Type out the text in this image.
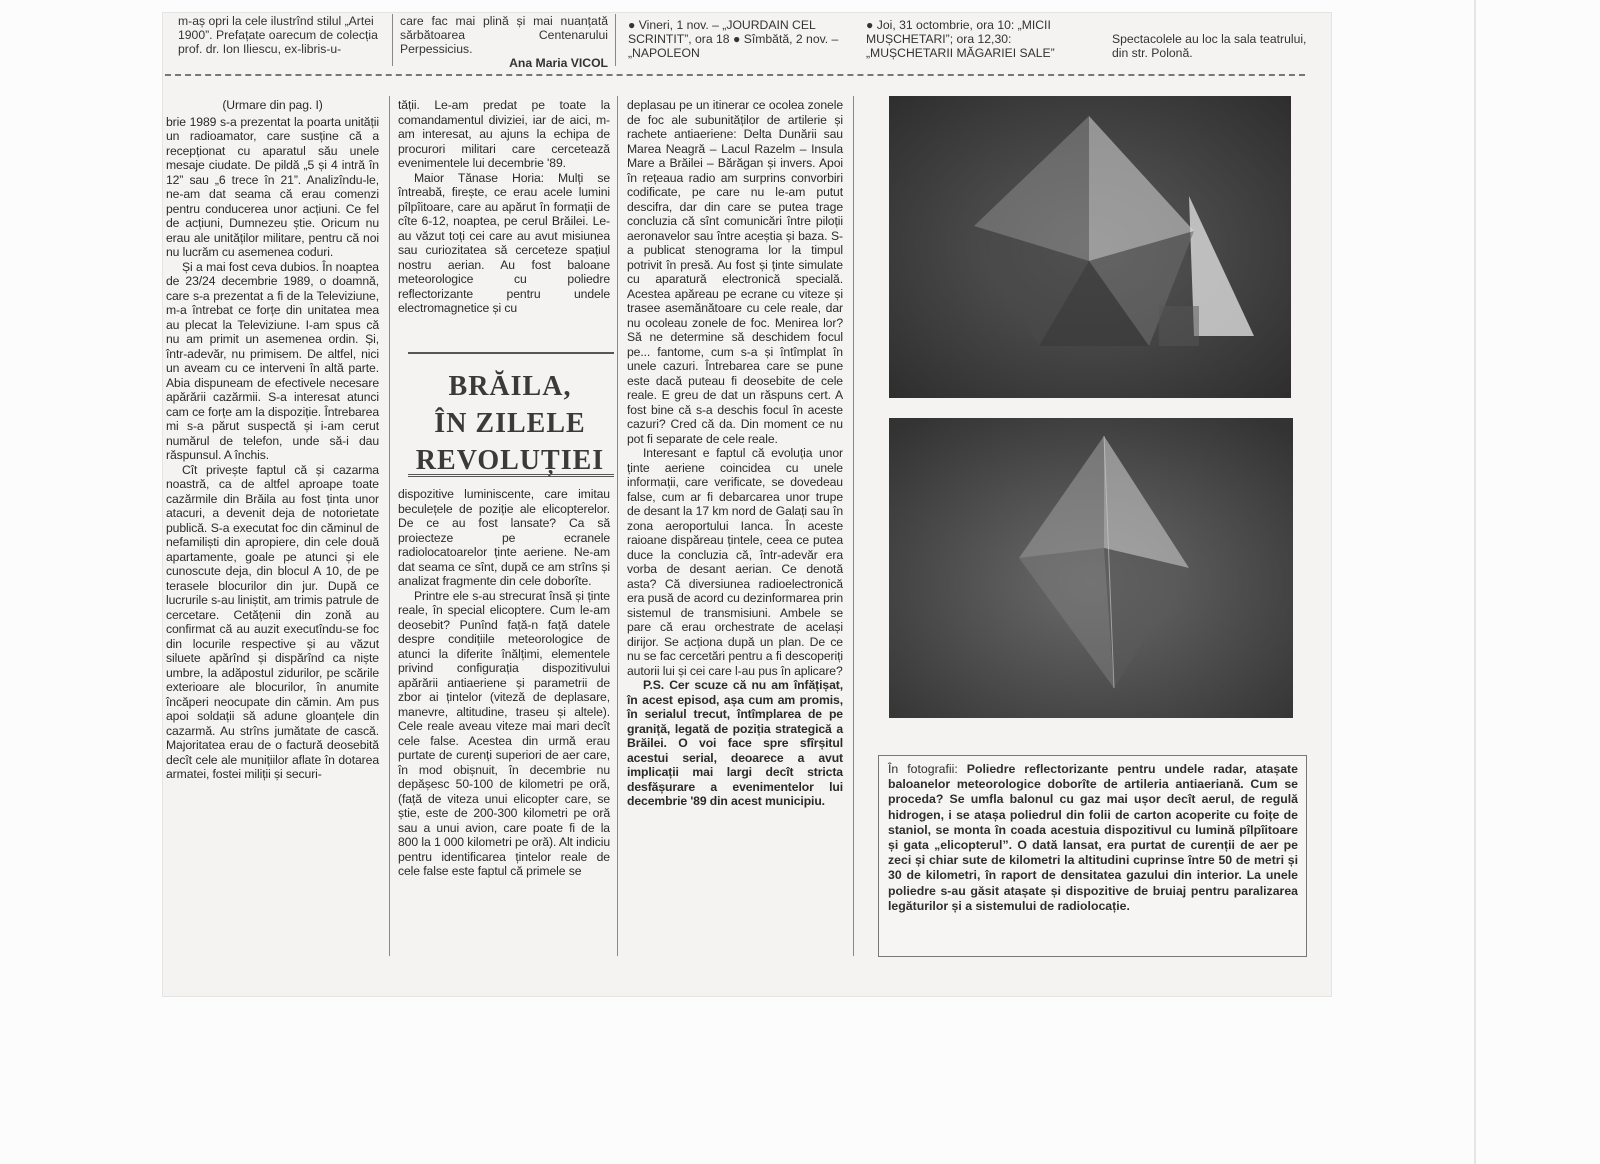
m-aș opri la cele ilustrînd stilul „Artei 1900”. Prefațate oarecum de colecția prof. dr. Ion Iliescu, ex-libris-u-
care fac mai plină și mai nuanțată sărbătoarea Centenarului Perpessicius.
Ana Maria VICOL
● Vineri, 1 nov. – „JOURDAIN CEL SCRINTIT”, ora 18 ● Sîmbătă, 2 nov. – „NAPOLEON
● Joi, 31 octombrie, ora 10: „MICII MUȘCHETARI”; ora 12,30: „MUȘCHETARII MĂGARIEI SALE”
Spectacolele au loc la sala teatrului, din str. Polonă.

(Urmare din pag. I)

brie 1989 s-a prezentat la poarta unității un radioamator, care susține că a recepționat cu aparatul său unele mesaje ciudate. De pildă „5 și 4 intră în 12” sau „6 trece în 21”. Analizîndu-le, ne-am dat seama că erau comenzi pentru conducerea unor acțiuni. Ce fel de acțiuni, Dumnezeu știe. Oricum nu erau ale unităților militare, pentru că noi nu lucrăm cu asemenea coduri.

Și a mai fost ceva dubios. În noaptea de 23/24 decembrie 1989, o doamnă, care s-a prezentat a fi de la Televiziune, m-a întrebat ce forțe din unitatea mea au plecat la Televiziune. I-am spus că nu am primit un asemenea ordin. Și, într-adevăr, nu primisem. De altfel, nici un aveam cu ce interveni în altă parte. Abia dispuneam de efectivele necesare apărării cazărmii. S-a interesat atunci cam ce forțe am la dispoziție. Întrebarea mi s-a părut suspectă și i-am cerut numărul de telefon, unde să-i dau răspunsul. A închis.

Cît privește faptul că și cazarma noastră, ca de altfel aproape toate cazărmile din Brăila au fost ținta unor atacuri, a devenit deja de notorietate publică. S-a executat foc din căminul de nefamiliști din apropiere, din cele două apartamente, goale pe atunci și ele cunoscute deja, din blocul A 10, de pe terasele blocurilor din jur. După ce lucrurile s-au liniștit, am trimis patrule de cercetare. Cetățenii din zonă au confirmat că au auzit executîndu-se foc din locurile respective și au văzut siluete apărînd și dispărînd ca niște umbre, la adăpostul zidurilor, pe scările exterioare ale blocurilor, în anumite încăperi neocupate din cămin. Am pus apoi soldații să adune gloanțele din cazarmă. Au strîns jumătate de cască. Majoritatea erau de o factură deosebită decît cele ale munițiilor aflate în dotarea armatei, fostei miliții și securi-

tății. Le-am predat pe toate la comandamentul diviziei, iar de aici, m-am interesat, au ajuns la echipa de procurori militari care cercetează evenimentele lui decembrie '89.

Maior Tănase Horia: Mulți se întreabă, firește, ce erau acele lumini pîlpîitoare, care au apărut în formații de cîte 6-12, noaptea, pe cerul Brăilei. Le-au văzut toți cei care au avut misiunea sau curiozitatea să cerceteze spațiul nostru aerian. Au fost baloane meteorologice cu poliedre reflectorizante pentru undele electromagnetice și cu

BRĂILA,
ÎN ZILELE
REVOLUȚIEI

dispozitive luminiscente, care imitau beculețele de poziție ale elicopterelor. De ce au fost lansate? Ca să proiecteze pe ecranele radiolocatoarelor ținte aeriene. Ne-am dat seama ce sînt, după ce am strîns și analizat fragmente din cele doborîte.

Printre ele s-au strecurat însă și ținte reale, în special elicoptere. Cum le-am deosebit? Punînd față-n față datele despre condițiile meteorologice de atunci la diferite înălțimi, elementele privind configurația dispozitivului apărării antiaeriene și parametrii de zbor ai țintelor (viteză de deplasare, manevre, altitudine, traseu și altele). Cele reale aveau viteze mai mari decît cele false. Acestea din urmă erau purtate de curenți superiori de aer care, în mod obișnuit, în decembrie nu depășesc 50-100 de kilometri pe oră, (față de viteza unui elicopter care, se știe, este de 200-300 kilometri pe oră sau a unui avion, care poate fi de la 800 la 1 000 kilometri pe oră). Alt indiciu pentru identificarea țintelor reale de cele false este faptul că primele se

deplasau pe un itinerar ce ocolea zonele de foc ale subunităților de artilerie și rachete antiaeriene: Delta Dunării sau Marea Neagră – Lacul Razelm – Insula Mare a Brăilei – Bărăgan și invers. Apoi în rețeaua radio am surprins convorbiri codificate, pe care nu le-am putut descifra, dar din care se putea trage concluzia că sînt comunicări între piloții aeronavelor sau între aceștia și baza. S-a publicat stenograma lor la timpul potrivit în presă. Au fost și ținte simulate cu aparatură electronică specială. Acestea apăreau pe ecrane cu viteze și trasee asemănătoare cu cele reale, dar nu ocoleau zonele de foc. Menirea lor? Să ne determine să deschidem focul pe... fantome, cum s-a și întîmplat în unele cazuri. Întrebarea care se pune este dacă puteau fi deosebite de cele reale. E greu de dat un răspuns cert. A fost bine că s-a deschis focul în aceste cazuri? Cred că da. Din moment ce nu pot fi separate de cele reale.

Interesant e faptul că evoluția unor ținte aeriene coincidea cu unele informații, care verificate, se dovedeau false, cum ar fi debarcarea unor trupe de desant la 17 km nord de Galați sau în zona aeroportului Ianca. În aceste raioane dispăreau țintele, ceea ce putea duce la concluzia că, într-adevăr era vorba de desant aerian. Ce denotă asta? Că diversiunea radioelectronică era pusă de acord cu dezinformarea prin sistemul de transmisiuni. Ambele se pare că erau orchestrate de același dirijor. Se acționa după un plan. De ce nu se fac cercetări pentru a fi descoperiți autorii lui și cei care l-au pus în aplicare?

P.S. Cer scuze că nu am înfățișat, în acest episod, așa cum am promis, în serialul trecut, întîmplarea de pe graniță, legată de poziția strategică a Brăilei. O voi face spre sfîrșitul acestui serial, deoarece a avut implicații mai largi decît stricta desfășurare a evenimentelor lui decembrie '89 din acest municipiu.

În fotografii: Poliedre reflectorizante pentru undele radar, atașate baloanelor meteorologice doborîte de artileria antiaeriană. Cum se proceda? Se umfla balonul cu gaz mai ușor decît aerul, de regulă hidrogen, i se atașa poliedrul din folii de carton acoperite cu foițe de staniol, se monta în coada acestuia dispozitivul cu lumină pîlpîitoare și gata „elicopterul”. O dată lansat, era purtat de curenții de aer pe zeci și chiar sute de kilometri la altitudini cuprinse între 50 de metri și 30 de kilometri, în raport de densitatea gazului din interior. La unele poliedre s-au găsit atașate și dispozitive de bruiaj pentru paralizarea legăturilor și a sistemului de radiolocație.
